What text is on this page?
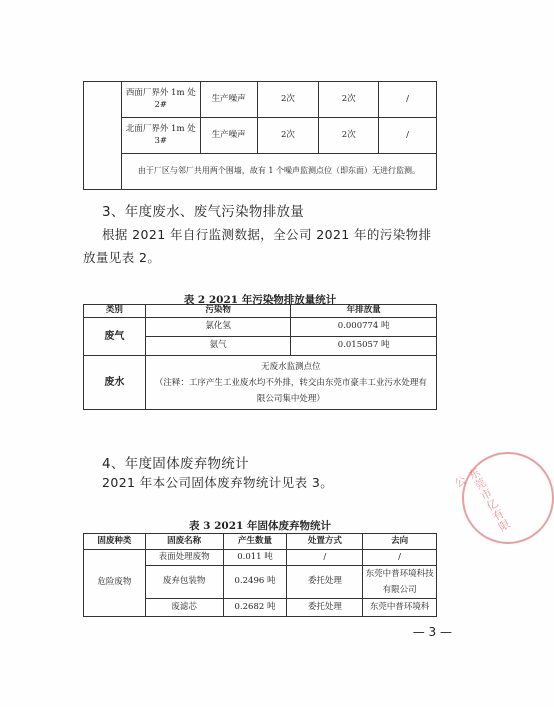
	西面厂界外 1m 处 2#	生产噪声	2次	2次	/
	北面厂界外 1m 处 3#	生产噪声	2次	2次	/
	由于厂区与邻厂共用两个围墙，故有 1 个噪声监测点位（即东面）无进行监测。				
3、年度废水、废气污染物排放量
根据 2021 年自行监测数据，全公司 2021 年的污染物排放量见表 2。
表 2 2021 年污染物排放量统计
类别	污染物	年排放量
废气	氯化氢	0.000774 吨
	氨气	0.015057 吨
废水	无废水监测点位
（注释：工序产生工业废水均不外排，转交由东莞市豪丰工业污水处理有限公司集中处理）	
4、年度固体废弃物统计
2021 年本公司固体废弃物统计见表 3。
表 3 2021 年固体废弃物统计
固废种类	固废名称	产生数量	处置方式	去向
危险废物	表面处理废物	0.011 吨	/	/
	废弃包装物	0.2496 吨	委托处理	东莞中普环境科技有限公司
	废滤芯	0.2682 吨	委托处理	东莞中普环境科
东莞市亿有限公
— 3 —
